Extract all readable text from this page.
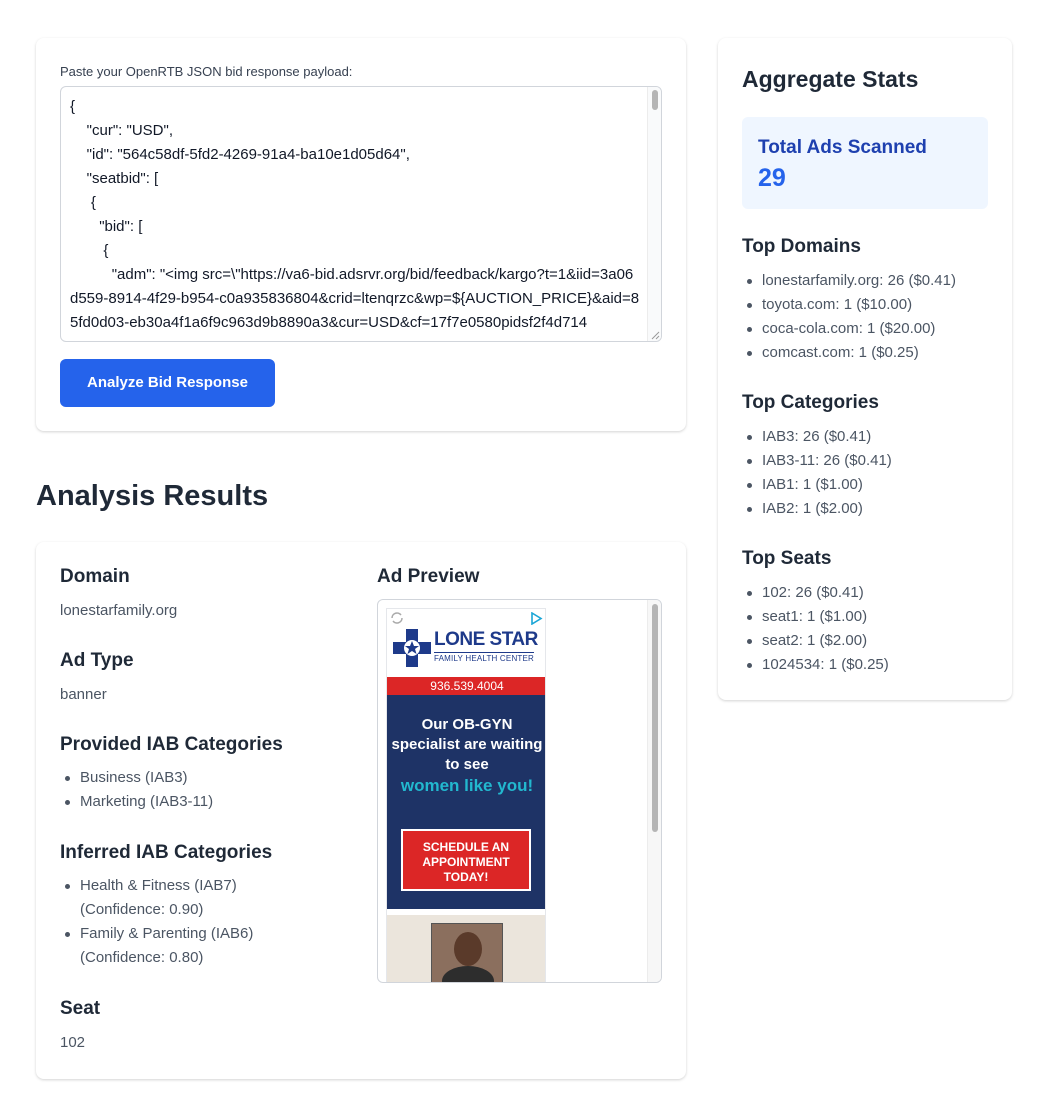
Paste your OpenRTB JSON bid response payload:
{
"cur": "USD",
"id": "564c58df-5fd2-4269-91a4-ba10e1d05d64",
"seatbid": [
{
"bid": [
{
"adm": "<img src=\"https://va6-bid.adsrvr.org/bid/feedback/kargo?t=1&iid=3a06d559-8914-4f29-b954-c0a935836804&crid=ltenqrzc&wp=${AUCTION_PRICE}&aid=85fd0d03-eb30a4f1a6f9c963d9b8890a3&cur=USD&cf=17f7e0580pidsf2f4d714
Analyze Bid Response
Analysis Results
Domain
lonestarfamily.org
Ad Type
banner
Provided IAB Categories
Business (IAB3)
Marketing (IAB3-11)
Inferred IAB Categories
Health & Fitness (IAB7)
(Confidence: 0.90)
Family & Parenting (IAB6)
(Confidence: 0.80)
Seat
102
Ad Preview
LONE STAR
FAMILY HEALTH CENTER
936.539.4004
Our OB-GYN specialist are waiting to see
women like you!
SCHEDULE AN APPOINTMENT TODAY!
Aggregate Stats
Total Ads Scanned
29
Top Domains
lonestarfamily.org: 26 ($0.41)
toyota.com: 1 ($10.00)
coca-cola.com: 1 ($20.00)
comcast.com: 1 ($0.25)
Top Categories
IAB3: 26 ($0.41)
IAB3-11: 26 ($0.41)
IAB1: 1 ($1.00)
IAB2: 1 ($2.00)
Top Seats
102: 26 ($0.41)
seat1: 1 ($1.00)
seat2: 1 ($2.00)
1024534: 1 ($0.25)
